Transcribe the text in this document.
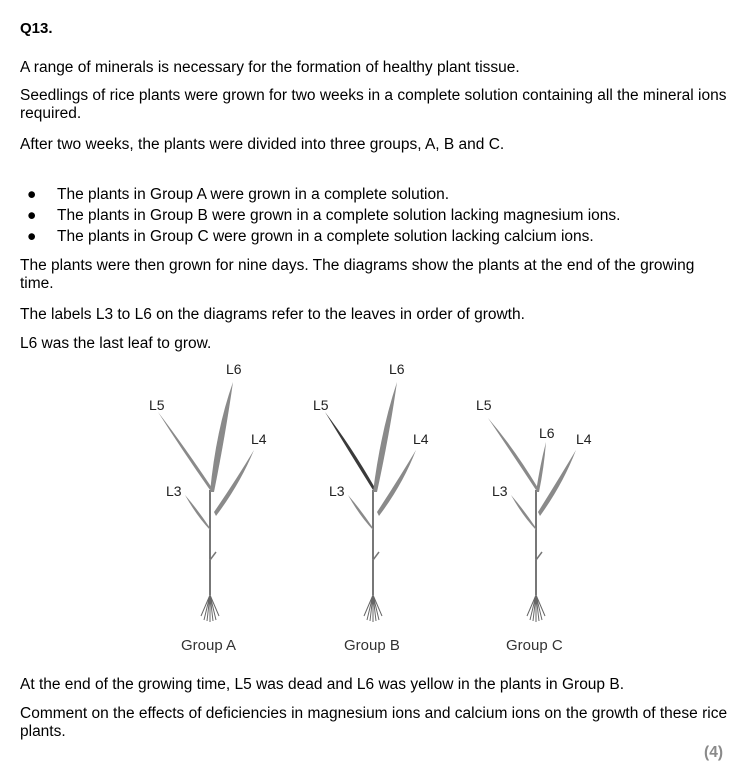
Q13.

A range of minerals is necessary for the formation of healthy plant tissue.

Seedlings of rice plants were grown for two weeks in a complete solution containing all the mineral ions required.

After two weeks, the plants were divided into three groups, A, B and C.

● The plants in Group A were grown in a complete solution.
● The plants in Group B were grown in a complete solution lacking magnesium ions.
● The plants in Group C were grown in a complete solution lacking calcium ions.

The plants were then grown for nine days. The diagrams show the plants at the end of the growing time.

The labels L3 to L6 on the diagrams refer to the leaves in order of growth.

L6 was the last leaf to grow.

L6
L5
L4
L3
Group A
L6
L5
L4
L3
Group B
L6
L5
L4
L3
Group C

At the end of the growing time, L5 was dead and L6 was yellow in the plants in Group B.

Comment on the effects of deficiencies in magnesium ions and calcium ions on the growth of these rice plants.

(4)
